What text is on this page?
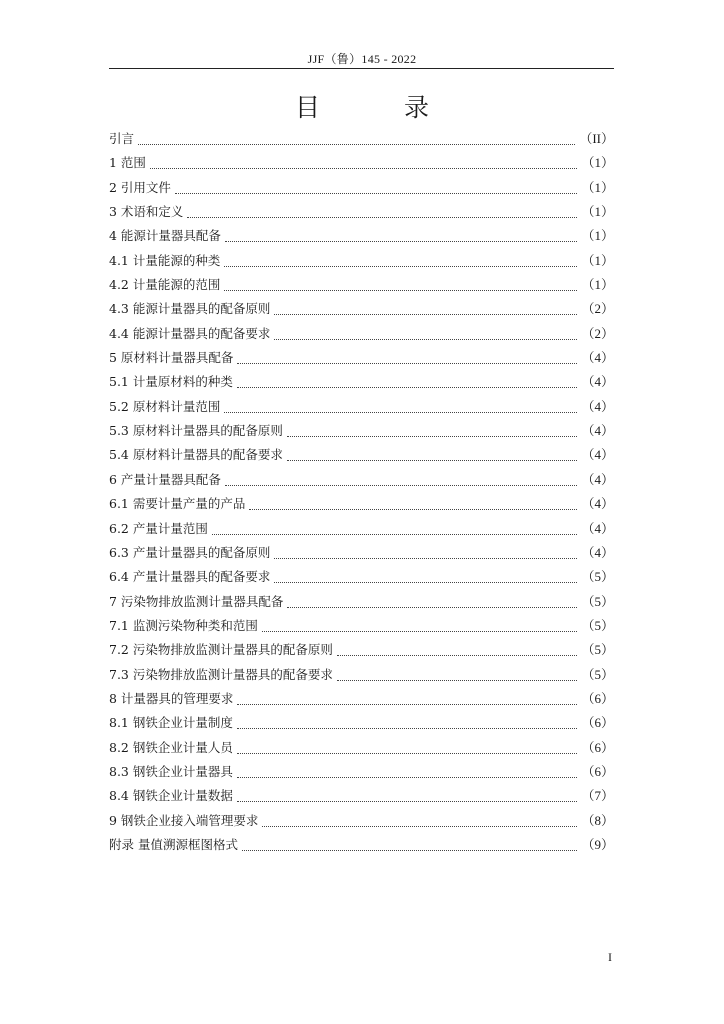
JJF（鲁）145 - 2022
目 录
引言	（II）
1 范围	（1）
2 引用文件	（1）
3 术语和定义	（1）
4 能源计量器具配备	（1）
4.1 计量能源的种类	（1）
4.2 计量能源的范围	（1）
4.3 能源计量器具的配备原则	（2）
4.4 能源计量器具的配备要求	（2）
5 原材料计量器具配备	（4）
5.1 计量原材料的种类	（4）
5.2 原材料计量范围	（4）
5.3 原材料计量器具的配备原则	（4）
5.4 原材料计量器具的配备要求	（4）
6 产量计量器具配备	（4）
6.1 需要计量产量的产品	（4）
6.2 产量计量范围	（4）
6.3 产量计量器具的配备原则	（4）
6.4 产量计量器具的配备要求	（5）
7 污染物排放监测计量器具配备	（5）
7.1 监测污染物种类和范围	（5）
7.2 污染物排放监测计量器具的配备原则	（5）
7.3 污染物排放监测计量器具的配备要求	（5）
8 计量器具的管理要求	（6）
8.1 钢铁企业计量制度	（6）
8.2 钢铁企业计量人员	（6）
8.3 钢铁企业计量器具	（6）
8.4 钢铁企业计量数据	（7）
9 钢铁企业接入端管理要求	（8）
附录 量值溯源框图格式	（9）
I
